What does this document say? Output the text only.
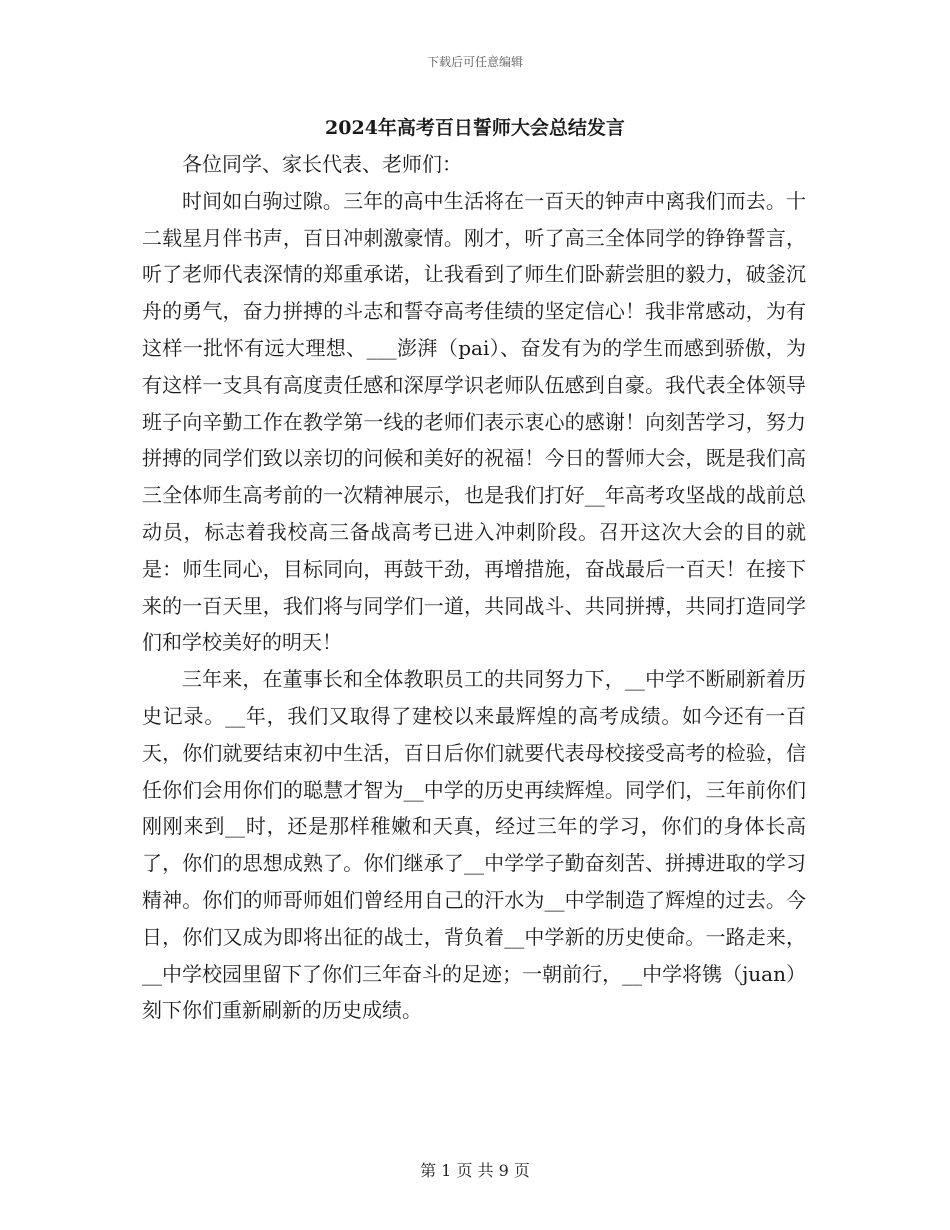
下载后可任意编辑
2024年高考百日誓师大会总结发言

各位同学、家长代表、老师们：

时间如白驹过隙。三年的高中生活将在一百天的钟声中离我们而去。十二载星月伴书声，百日冲刺激豪情。刚才，听了高三全体同学的铮铮誓言，听了老师代表深情的郑重承诺，让我看到了师生们卧薪尝胆的毅力，破釜沉舟的勇气，奋力拼搏的斗志和誓夺高考佳绩的坚定信心！我非常感动，为有这样一批怀有远大理想、___澎湃（pai）、奋发有为的学生而感到骄傲，为有这样一支具有高度责任感和深厚学识老师队伍感到自豪。我代表全体领导班子向辛勤工作在教学第一线的老师们表示衷心的感谢！向刻苦学习，努力拼搏的同学们致以亲切的问候和美好的祝福！今日的誓师大会，既是我们高三全体师生高考前的一次精神展示，也是我们打好__年高考攻坚战的战前总动员，标志着我校高三备战高考已进入冲刺阶段。召开这次大会的目的就是：师生同心，目标同向，再鼓干劲，再增措施，奋战最后一百天！在接下来的一百天里，我们将与同学们一道，共同战斗、共同拼搏，共同打造同学们和学校美好的明天！

三年来，在董事长和全体教职员工的共同努力下，__中学不断刷新着历史记录。__年，我们又取得了建校以来最辉煌的高考成绩。如今还有一百天，你们就要结束初中生活，百日后你们就要代表母校接受高考的检验，信任你们会用你们的聪慧才智为__中学的历史再续辉煌。同学们，三年前你们刚刚来到__时，还是那样稚嫩和天真，经过三年的学习，你们的身体长高了，你们的思想成熟了。你们继承了__中学学子勤奋刻苦、拼搏进取的学习精神。你们的师哥师姐们曾经用自己的汗水为__中学制造了辉煌的过去。今日，你们又成为即将出征的战士，背负着__中学新的历史使命。一路走来，__中学校园里留下了你们三年奋斗的足迹；一朝前行，__中学将镌（juan）刻下你们重新刷新的历史成绩。

第 1 页 共 9 页
